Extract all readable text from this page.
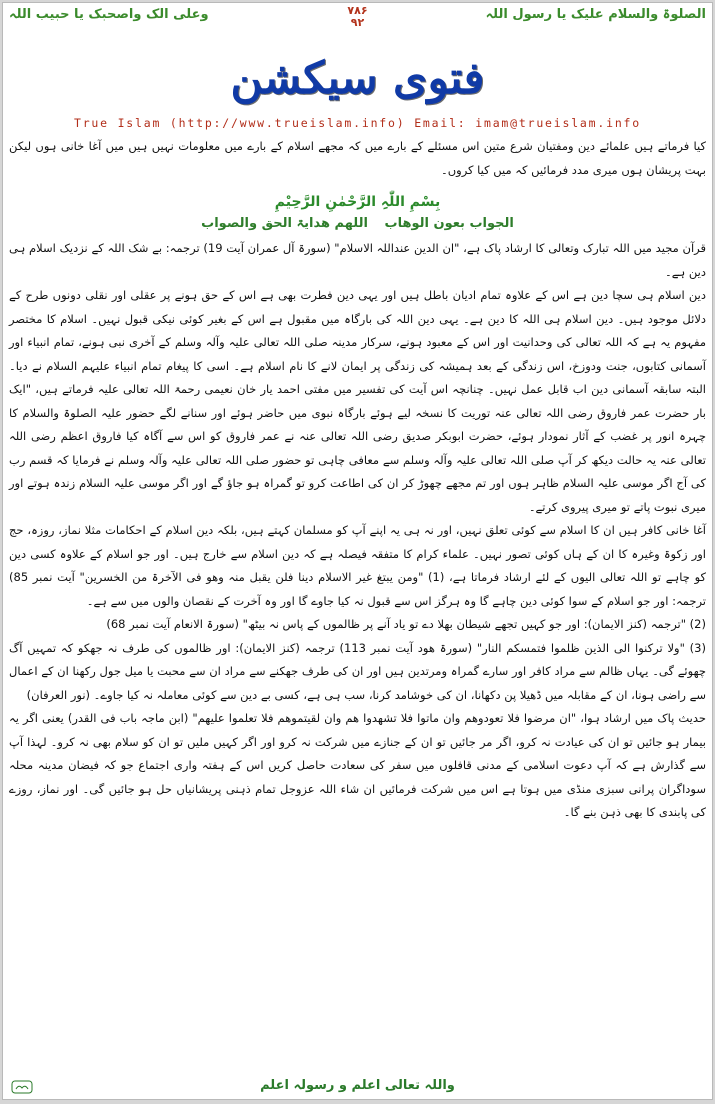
الصلوۃ والسلام علیک یا رسول اللہ
۷۸۶
۹۲
وعلی الک واصحبک یا حبیب اللہ
فتوی سیکشن
True Islam (http://www.trueislam.info) Email: imam@trueislam.info

کیا فرماتے ہیں علمائے دین ومفتیان شرع متین اس مسئلے کے بارے میں کہ مجھے اسلام کے بارے میں معلومات نہیں ہیں میں آغا خانی ہوں لیکن بہت پریشان ہوں میری مدد فرمائیں کہ میں کیا کروں۔

بِسْمِ اللّٰہِ الرَّحْمٰنِ الرَّحِیْمِ
الجواب بعون الوھاب اللھم ھدایۃ الحق والصواب

قرآن مجید میں اللہ تبارک وتعالی کا ارشاد پاک ہے، "ان الدین عنداللہ الاسلام" (سورۃ آل عمران آیت 19) ترجمہ: بے شک اللہ کے نزدیک اسلام ہی دین ہے۔

دین اسلام ہی سچا دین ہے اس کے علاوہ تمام ادیان باطل ہیں اور یہی دین فطرت بھی ہے اس کے حق ہونے پر عقلی اور نقلی دونوں طرح کے دلائل موجود ہیں۔ دین اسلام ہی اللہ کا دین ہے۔ یہی دین اللہ کی بارگاہ میں مقبول ہے اس کے بغیر کوئی نیکی قبول نہیں۔ اسلام کا مختصر مفہوم یہ ہے کہ اللہ تعالی کی وحدانیت اور اس کے معبود ہونے، سرکار مدینہ صلی اللہ تعالی علیہ وآلہ وسلم کے آخری نبی ہونے، تمام انبیاء اور آسمانی کتابوں، جنت ودوزخ، اس زندگی کے بعد ہمیشہ کی زندگی پر ایمان لانے کا نام اسلام ہے۔ اسی کا پیغام تمام انبیاء علیہم السلام نے دیا۔ البتہ سابقہ آسمانی دین اب قابل عمل نہیں۔ چنانچہ اس آیت کی تفسیر میں مفتی احمد یار خان نعیمی رحمۃ اللہ تعالی علیہ فرماتے ہیں، "ایک بار حضرت عمر فاروق رضی اللہ تعالی عنہ توریت کا نسخہ لیے ہوئے بارگاہ نبوی میں حاضر ہوئے اور سنانے لگے حضور علیہ الصلوۃ والسلام کا چہرہ انور پر غضب کے آثار نمودار ہوئے، حضرت ابوبکر صدیق رضی اللہ تعالی عنہ نے عمر فاروق کو اس سے آگاہ کیا فاروق اعظم رضی اللہ تعالی عنہ یہ حالت دیکھ کر آپ صلی اللہ تعالی علیہ وآلہ وسلم سے معافی چاہی تو حضور صلی اللہ تعالی علیہ وآلہ وسلم نے فرمایا کہ قسم رب کی آج اگر موسی علیہ السلام ظاہر ہوں اور تم مجھے چھوڑ کر ان کی اطاعت کرو تو گمراہ ہو جاؤ گے اور اگر موسی علیہ السلام زندہ ہوتے اور میری نبوت پاتے تو میری پیروی کرتے۔

آغا خانی کافر ہیں ان کا اسلام سے کوئی تعلق نہیں، اور نہ ہی یہ اپنے آپ کو مسلمان کہتے ہیں، بلکہ دین اسلام کے احکامات مثلا نماز، روزہ، حج اور زکوۃ وغیرہ کا ان کے ہاں کوئی تصور نہیں۔ علماء کرام کا متفقہ فیصلہ ہے کہ دین اسلام سے خارج ہیں۔ اور جو اسلام کے علاوہ کسی دین کو چاہے تو اللہ تعالی الیوں کے لئے ارشاد فرماتا ہے، (1) "ومن یبتغ غیر الاسلام دینا فلن یقبل منہ وھو فی الآخرۃ من الخسرین" آیت نمبر 85) ترجمہ: اور جو اسلام کے سوا کوئی دین چاہے گا وہ ہرگز اس سے قبول نہ کیا جاوے گا اور وہ آخرت کے نقصان والوں میں سے ہے۔

(2) "ترجمہ (کنز الایمان): اور جو کہیں تجھے شیطان بھلا دے تو یاد آنے پر ظالموں کے پاس نہ بیٹھ" (سورۃ الانعام آیت نمبر 68)

(3) "ولا ترکنوا الی الذین ظلموا فتمسکم النار" (سورۃ ھود آیت نمبر 113) ترجمہ (کنز الایمان): اور ظالموں کی طرف نہ جھکو کہ تمہیں آگ چھوئے گی۔ یہاں ظالم سے مراد کافر اور سارے گمراہ ومرتدین ہیں اور ان کی طرف جھکنے سے مراد ان سے محبت یا میل جول رکھنا ان کے اعمال سے راضی ہونا، ان کے مقابلہ میں ڈھیلا پن دکھانا، ان کی خوشامد کرنا، سب ہی ہے، کسی بے دین سے کوئی معاملہ نہ کیا جاوے۔ (نور العرفان)

حدیث پاک میں ارشاد ہوا، "ان مرضوا فلا تعودوھم وان ماتوا فلا تشھدوا ھم وان لقیتموھم فلا تعلموا علیھم" (ابن ماجہ باب فی القدر) یعنی اگر یہ بیمار ہو جائیں تو ان کی عیادت نہ کرو، اگر مر جائیں تو ان کے جنازے میں شرکت نہ کرو اور اگر کہیں ملیں تو ان کو سلام بھی نہ کرو۔ لہذا آپ سے گذارش ہے کہ آپ دعوت اسلامی کے مدنی قافلوں میں سفر کی سعادت حاصل کریں اس کے ہفتہ واری اجتماع جو کہ فیضان مدینہ محلہ سوداگران پرانی سبزی منڈی میں ہوتا ہے اس میں شرکت فرمائیں ان شاء اللہ عزوجل تمام ذہنی پریشانیاں حل ہو جائیں گی۔ اور نماز، روزے کی پابندی کا بھی ذہن بنے گا۔

واللہ تعالی اعلم و رسولہ اعلم
